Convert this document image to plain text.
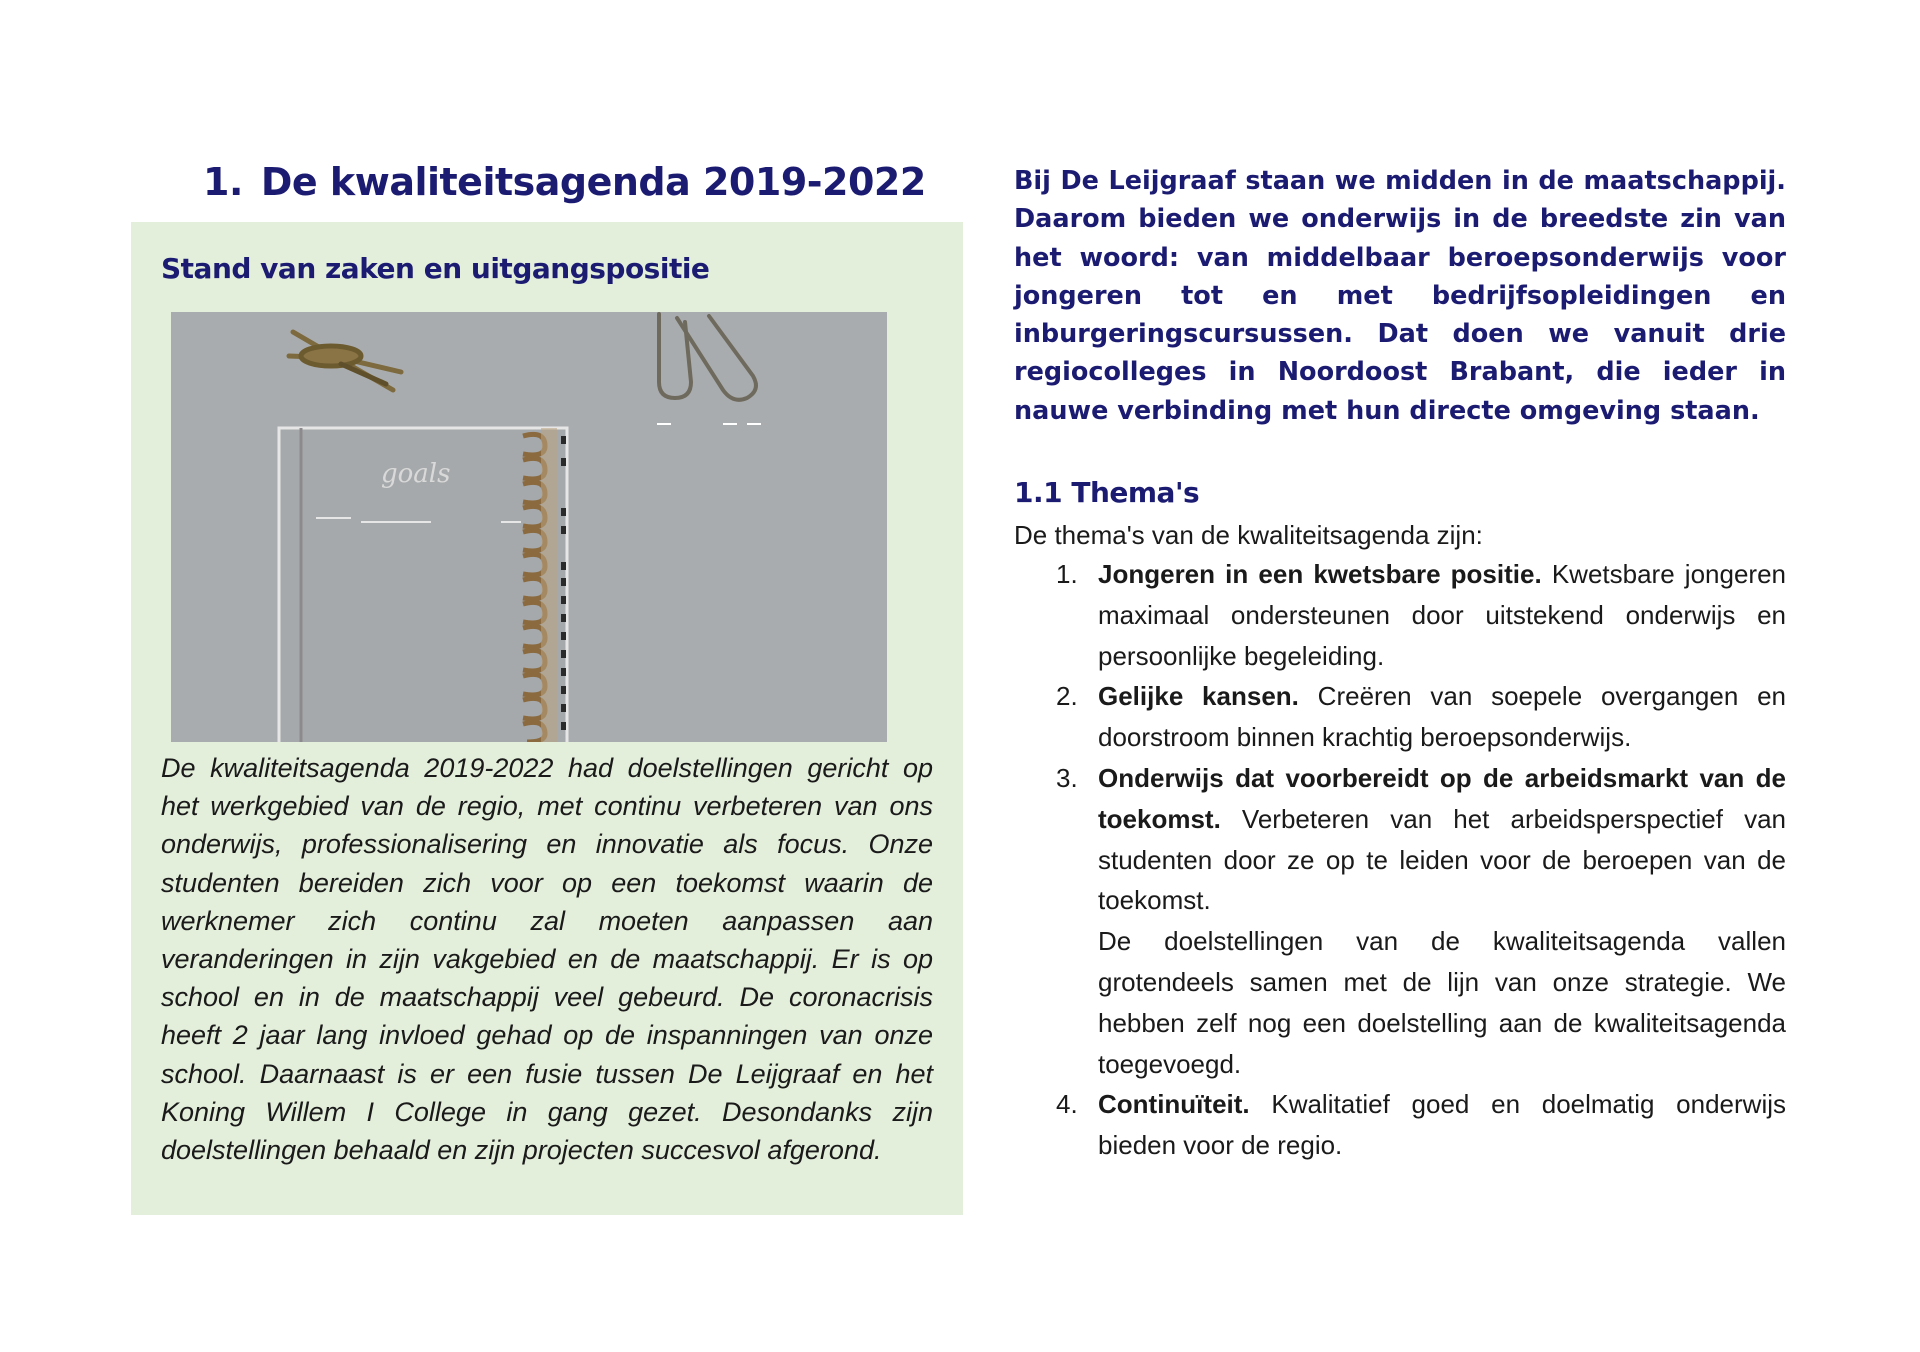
1. De kwaliteitsagenda 2019-2022
Stand van zaken en uitgangspositie
goals

De kwaliteitsagenda 2019-2022 had doelstellingen gericht op het werkgebied van de regio, met continu verbeteren van ons onderwijs, professionalisering en innovatie als focus. Onze studenten bereiden zich voor op een toekomst waarin de werknemer zich continu zal moeten aanpassen aan veranderingen in zijn vakgebied en de maatschappij. Er is op school en in de maatschappij veel gebeurd. De coronacrisis heeft 2 jaar lang invloed gehad op de inspanningen van onze school. Daarnaast is er een fusie tussen De Leijgraaf en het Koning Willem I College in gang gezet. Desondanks zijn doelstellingen behaald en zijn projecten succesvol afgerond.

Bij De Leijgraaf staan we midden in de maatschappij. Daarom bieden we onderwijs in de breedste zin van het woord: van middelbaar beroepsonderwijs voor jongeren tot en met bedrijfsopleidingen en inburgeringscursussen. Dat doen we vanuit drie regiocolleges in Noordoost Brabant, die ieder in nauwe verbinding met hun directe omgeving staan.

1.1 Thema's

De thema's van de kwaliteitsagenda zijn:

1. Jongeren in een kwetsbare positie. Kwetsbare jongeren maximaal ondersteunen door uitstekend onderwijs en persoonlijke begeleiding.
2. Gelijke kansen. Creëren van soepele overgangen en doorstroom binnen krachtig beroepsonderwijs.
3. Onderwijs dat voorbereidt op de arbeidsmarkt van de toekomst. Verbeteren van het arbeidsperspectief van studenten door ze op te leiden voor de beroepen van de toekomst.
De doelstellingen van de kwaliteitsagenda vallen grotendeels samen met de lijn van onze strategie. We hebben zelf nog een doelstelling aan de kwaliteitsagenda toegevoegd.
4. Continuïteit. Kwalitatief goed en doelmatig onderwijs bieden voor de regio.
